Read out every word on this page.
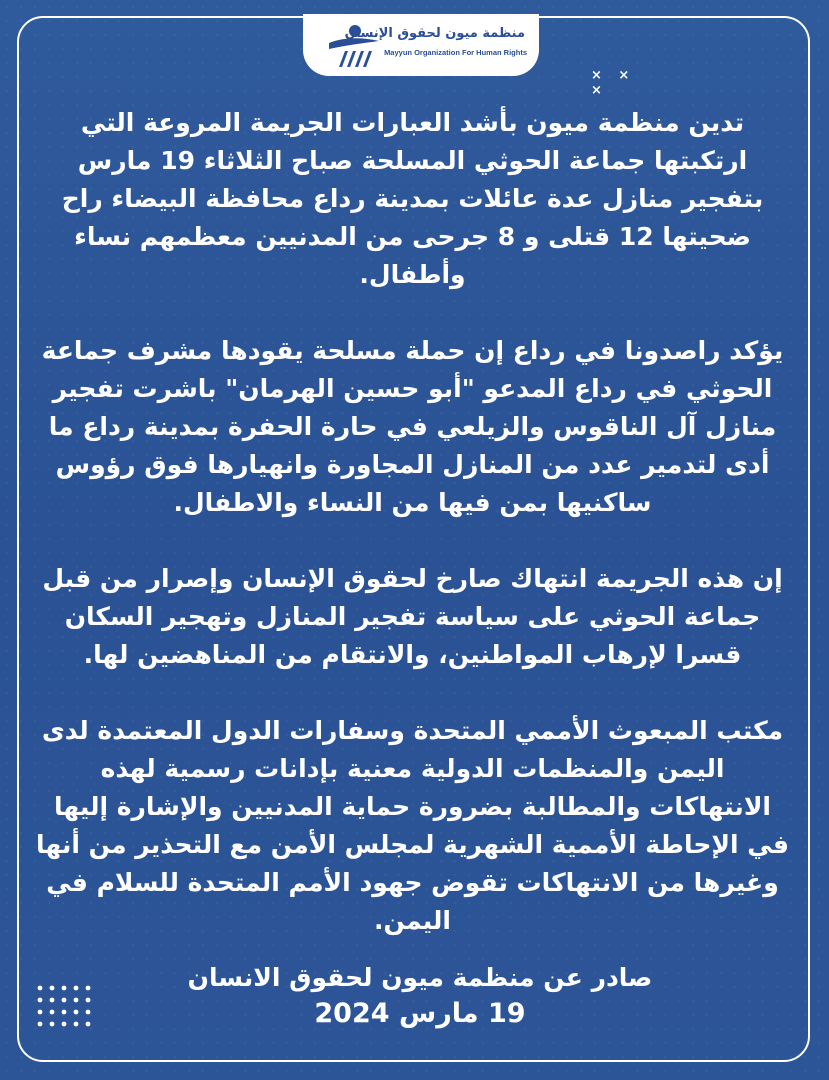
منظمة ميون لحقوق الإنسان
Mayyun Organization For Human Rights
× × ×

تدين منظمة ميون بأشد العبارات الجريمة المروعة التي ارتكبتها جماعة الحوثي المسلحة صباح الثلاثاء 19 مارس بتفجير منازل عدة عائلات بمدينة رداع محافظة البيضاء راح ضحيتها 12 قتلى و 8 جرحى من المدنيين معظمهم نساء وأطفال.

يؤكد راصدونا في رداع إن حملة مسلحة يقودها مشرف جماعة الحوثي في رداع المدعو "أبو حسين الهرمان" باشرت تفجير منازل آل الناقوس والزيلعي في حارة الحفرة بمدينة رداع ما أدى لتدمير عدد من المنازل المجاورة وانهيارها فوق رؤوس ساكنيها بمن فيها من النساء والاطفال.

إن هذه الجريمة انتهاك صارخ لحقوق الإنسان وإصرار من قبل جماعة الحوثي على سياسة تفجير المنازل وتهجير السكان قسرا لإرهاب المواطنين، والانتقام من المناهضين لها.

مكتب المبعوث الأممي المتحدة وسفارات الدول المعتمدة لدى اليمن والمنظمات الدولية معنية بإدانات رسمية لهذه الانتهاكات والمطالبة بضرورة حماية المدنيين والإشارة إليها في الإحاطة الأممية الشهرية لمجلس الأمن مع التحذير من أنها وغيرها من الانتهاكات تقوض جهود الأمم المتحدة للسلام في اليمن.

صادر عن منظمة ميون لحقوق الانسان
19 مارس 2024
